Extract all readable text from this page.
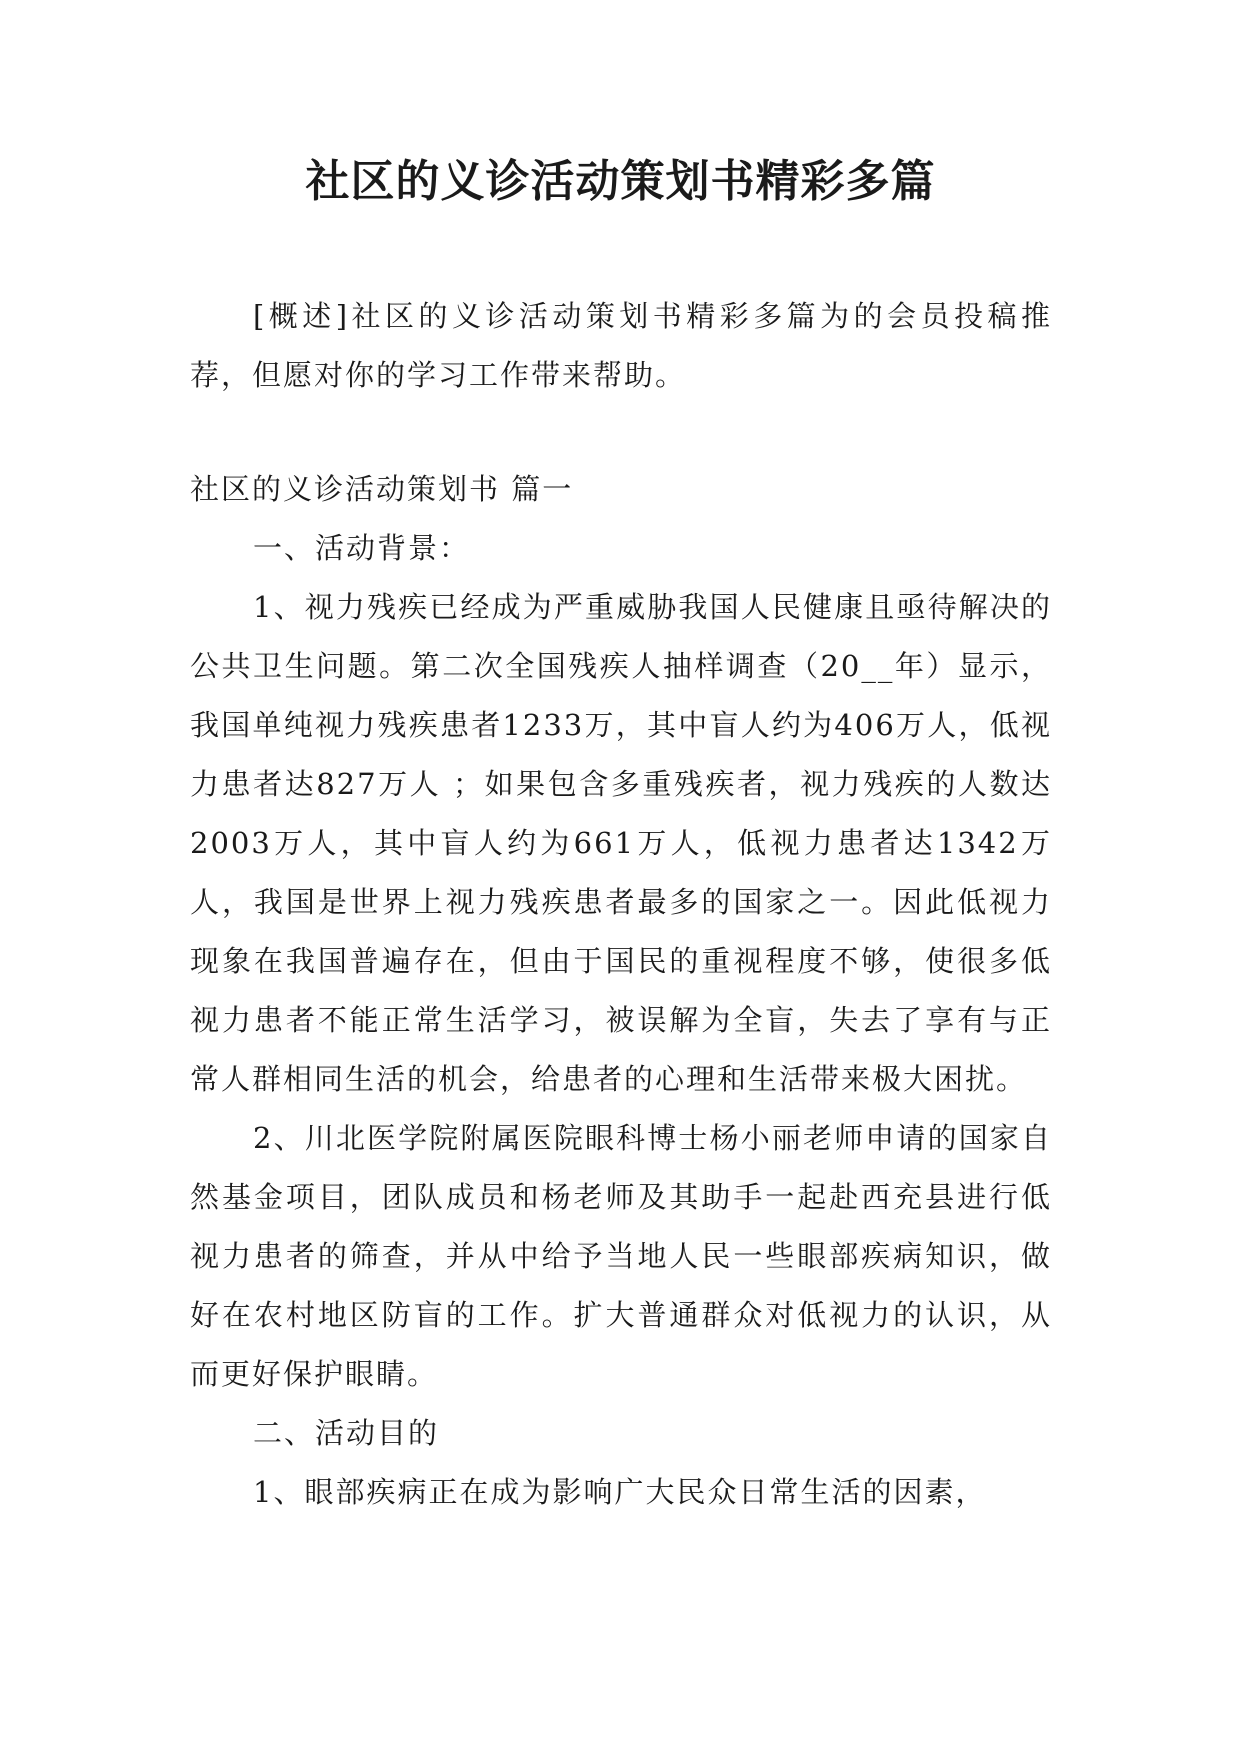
社区的义诊活动策划书精彩多篇

[概述]社区的义诊活动策划书精彩多篇为的会员投稿推荐，但愿对你的学习工作带来帮助。

社区的义诊活动策划书 篇一

一、活动背景：

1、视力残疾已经成为严重威胁我国人民健康且亟待解决的公共卫生问题。第二次全国残疾人抽样调查（20__年）显示，我国单纯视力残疾患者1233万，其中盲人约为406万人，低视力患者达827万人 ；如果包含多重残疾者，视力残疾的人数达2003万人，其中盲人约为661万人，低视力患者达1342万人，我国是世界上视力残疾患者最多的国家之一。因此低视力现象在我国普遍存在，但由于国民的重视程度不够，使很多低视力患者不能正常生活学习，被误解为全盲，失去了享有与正常人群相同生活的机会，给患者的心理和生活带来极大困扰。

2、川北医学院附属医院眼科博士杨小丽老师申请的国家自然基金项目，团队成员和杨老师及其助手一起赴西充县进行低视力患者的筛查，并从中给予当地人民一些眼部疾病知识，做好在农村地区防盲的工作。扩大普通群众对低视力的认识，从而更好保护眼睛。

二、活动目的

1、眼部疾病正在成为影响广大民众日常生活的因素，
